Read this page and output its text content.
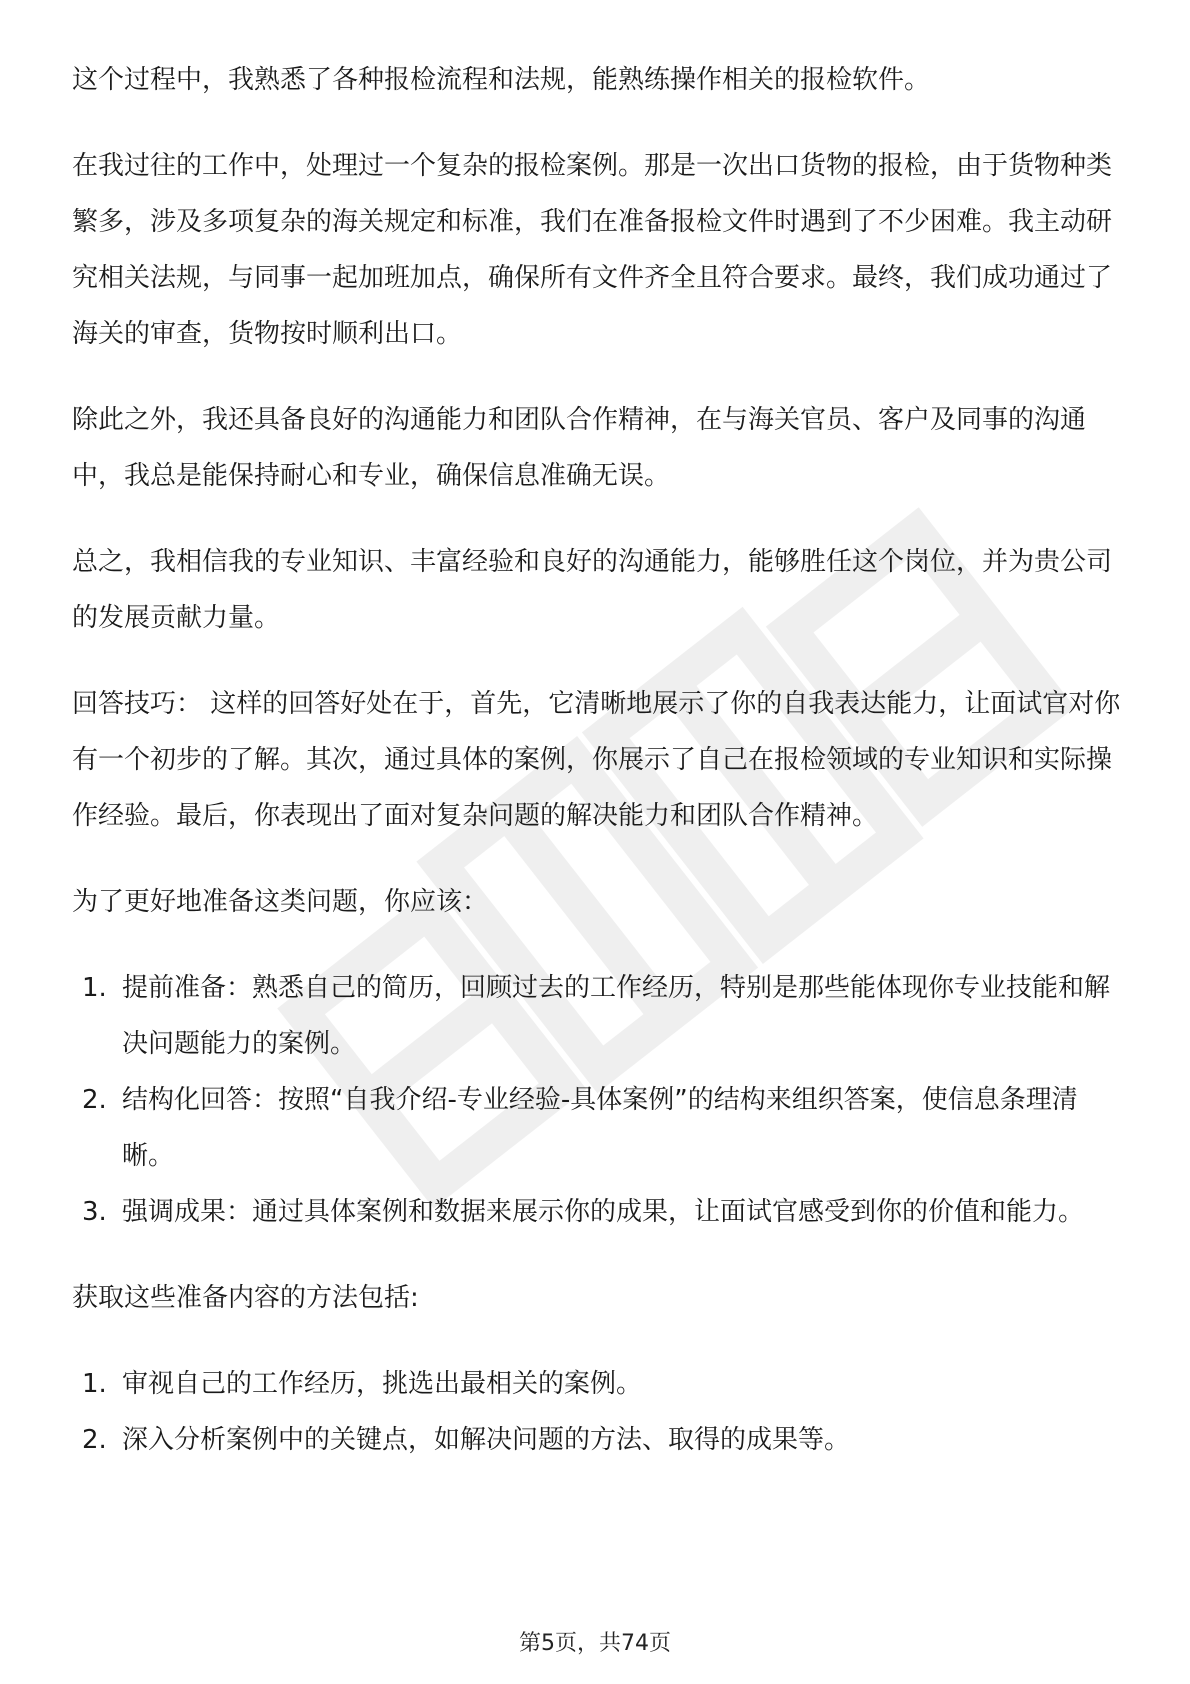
这个过程中，我熟悉了各种报检流程和法规，能熟练操作相关的报检软件。

在我过往的工作中，处理过一个复杂的报检案例。那是一次出口货物的报检，由于货物种类繁多，涉及多项复杂的海关规定和标准，我们在准备报检文件时遇到了不少困难。我主动研究相关法规，与同事一起加班加点，确保所有文件齐全且符合要求。最终，我们成功通过了海关的审查，货物按时顺利出口。

除此之外，我还具备良好的沟通能力和团队合作精神，在与海关官员、客户及同事的沟通中，我总是能保持耐心和专业，确保信息准确无误。

总之，我相信我的专业知识、丰富经验和良好的沟通能力，能够胜任这个岗位，并为贵公司的发展贡献力量。

回答技巧： 这样的回答好处在于，首先，它清晰地展示了你的自我表达能力，让面试官对你有一个初步的了解。其次，通过具体的案例，你展示了自己在报检领域的专业知识和实际操作经验。最后，你表现出了面对复杂问题的解决能力和团队合作精神。

为了更好地准备这类问题，你应该：

1. 提前准备：熟悉自己的简历，回顾过去的工作经历，特别是那些能体现你专业技能和解决问题能力的案例。
2. 结构化回答：按照“自我介绍-专业经验-具体案例”的结构来组织答案，使信息条理清晰。
3. 强调成果：通过具体案例和数据来展示你的成果，让面试官感受到你的价值和能力。

获取这些准备内容的方法包括:

1. 审视自己的工作经历，挑选出最相关的案例。
2. 深入分析案例中的关键点，如解决问题的方法、取得的成果等。
第5页，共74页
